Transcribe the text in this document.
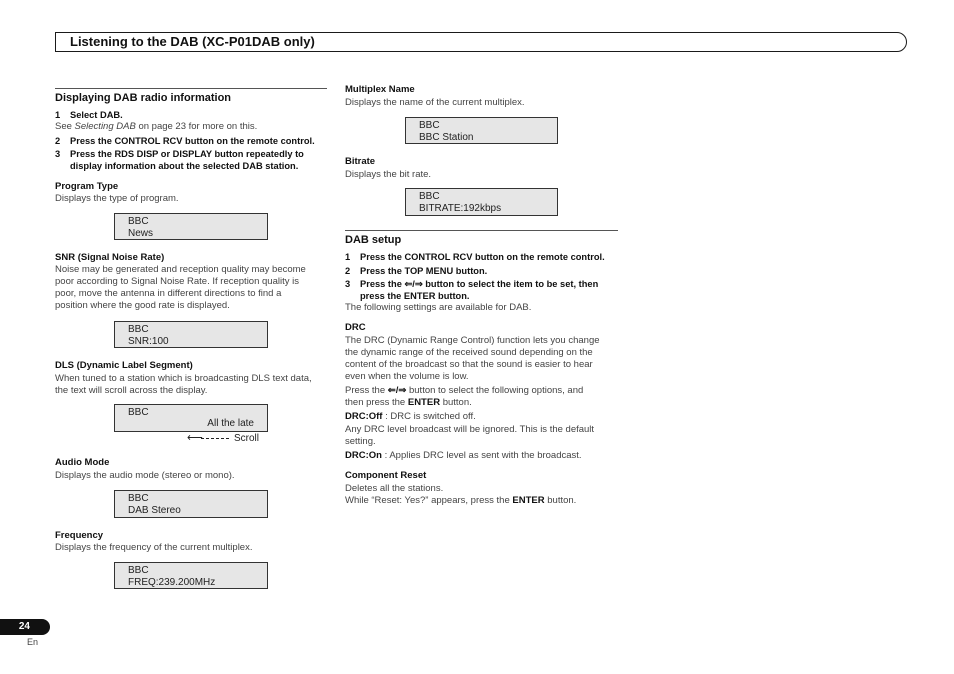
Listening to the DAB (XC-P01DAB only)
Displaying DAB radio information
1 Select DAB.
See Selecting DAB on page 23 for more on this.
2 Press the CONTROL RCV button on the remote control.
3 Press the RDS DISP or DISPLAY button repeatedly to
display information about the selected DAB station.
Program Type
Displays the type of program.
BBC
News
SNR (Signal Noise Rate)
Noise may be generated and reception quality may become
poor according to Signal Noise Rate. If reception quality is
poor, move the antenna in different directions to find a
position where the good rate is displayed.
BBC
SNR:100
DLS (Dynamic Label Segment)
When tuned to a station which is broadcasting DLS text data,
the text will scroll across the display.
BBC
All the late
⟵	Scroll
Audio Mode
Displays the audio mode (stereo or mono).
BBC
DAB Stereo
Frequency
Displays the frequency of the current multiplex.
BBC
FREQ:239.200MHz
Multiplex Name
Displays the name of the current multiplex.
BBC
BBC Station
Bitrate
Displays the bit rate.
BBC
BITRATE:192kbps
DAB setup
1 Press the CONTROL RCV button on the remote control.
2 Press the TOP MENU button.
3 Press the ⇐/⇒ button to select the item to be set, then
press the ENTER button.
The following settings are available for DAB.
DRC
The DRC (Dynamic Range Control) function lets you change
the dynamic range of the received sound depending on the
content of the broadcast so that the sound is easier to hear
even when the volume is low.
Press the ⇐/⇒ button to select the following options, and
then press the ENTER button.
DRC:Off : DRC is switched off.
Any DRC level broadcast will be ignored. This is the default
setting.
DRC:On : Applies DRC level as sent with the broadcast.
Component Reset
Deletes all the stations.
While “Reset: Yes?” appears, press the ENTER button.
24
En
